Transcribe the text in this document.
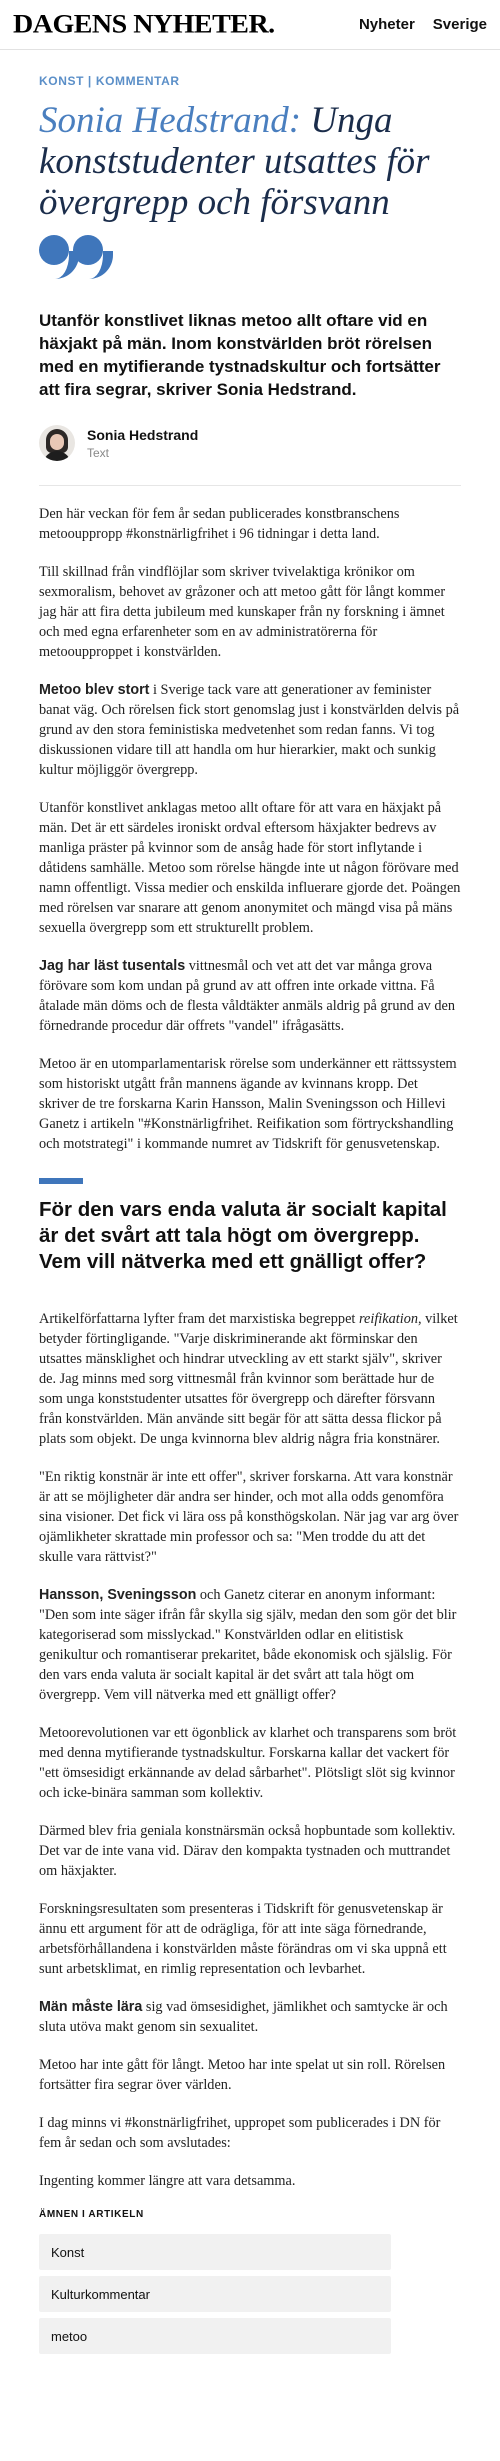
DAGENS NYHETER.	Nyheter Sverige
KONST | KOMMENTAR
Sonia Hedstrand: Unga konststudenter utsattes för övergrepp och försvann

Utanför konstlivet liknas metoo allt oftare vid en häxjakt på män. Inom konstvärlden bröt rörelsen med en mytifierande tystnadskultur och fortsätter att fira segrar, skriver Sonia Hedstrand.

Sonia Hedstrand
Text

Den här veckan för fem år sedan publicerades konstbranschens metoouppropp #konstnärligfrihet i 96 tidningar i detta land.

Till skillnad från vindflöjlar som skriver tvivelaktiga krönikor om sexmoralism, behovet av gråzoner och att metoo gått för långt kommer jag här att fira detta jubileum med kunskaper från ny forskning i ämnet och med egna erfarenheter som en av administratörerna för metooupproppet i konstvärlden.

Metoo blev stort i Sverige tack vare att generationer av feminister banat väg. Och rörelsen fick stort genomslag just i konstvärlden delvis på grund av den stora feministiska medvetenhet som redan fanns. Vi tog diskussionen vidare till att handla om hur hierarkier, makt och sunkig kultur möjliggör övergrepp.

Utanför konstlivet anklagas metoo allt oftare för att vara en häxjakt på män. Det är ett särdeles ironiskt ordval eftersom häxjakter bedrevs av manliga präster på kvinnor som de ansåg hade för stort inflytande i dåtidens samhälle. Metoo som rörelse hängde inte ut någon förövare med namn offentligt. Vissa medier och enskilda influerare gjorde det. Poängen med rörelsen var snarare att genom anonymitet och mängd visa på mäns sexuella övergrepp som ett strukturellt problem.

Jag har läst tusentals vittnesmål och vet att det var många grova förövare som kom undan på grund av att offren inte orkade vittna. Få åtalade män döms och de flesta våldtäkter anmäls aldrig på grund av den förnedrande procedur där offrets "vandel" ifrågasätts.

Metoo är en utomparlamentarisk rörelse som underkänner ett rättssystem som historiskt utgått från mannens ägande av kvinnans kropp. Det skriver de tre forskarna Karin Hansson, Malin Sveningsson och Hillevi Ganetz i artikeln "#Konstnärligfrihet. Reifikation som förtryckshandling och motstrategi" i kommande numret av Tidskrift för genusvetenskap.

För den vars enda valuta är socialt kapital är det svårt att tala högt om övergrepp. Vem vill nätverka med ett gnälligt offer?

Artikelförfattarna lyfter fram det marxistiska begreppet reifikation, vilket betyder förtingligande. "Varje diskriminerande akt förminskar den utsattes mänsklighet och hindrar utveckling av ett starkt själv", skriver de. Jag minns med sorg vittnesmål från kvinnor som berättade hur de som unga konststudenter utsattes för övergrepp och därefter försvann från konstvärlden. Män använde sitt begär för att sätta dessa flickor på plats som objekt. De unga kvinnorna blev aldrig några fria konstnärer.

"En riktig konstnär är inte ett offer", skriver forskarna. Att vara konstnär är att se möjligheter där andra ser hinder, och mot alla odds genomföra sina visioner. Det fick vi lära oss på konsthögskolan. När jag var arg över ojämlikheter skrattade min professor och sa: "Men trodde du att det skulle vara rättvist?"

Hansson, Sveningsson och Ganetz citerar en anonym informant: "Den som inte säger ifrån får skylla sig själv, medan den som gör det blir kategoriserad som misslyckad." Konstvärlden odlar en elitistisk genikultur och romantiserar prekaritet, både ekonomisk och själslig. För den vars enda valuta är socialt kapital är det svårt att tala högt om övergrepp. Vem vill nätverka med ett gnälligt offer?

Metoorevolutionen var ett ögonblick av klarhet och transparens som bröt med denna mytifierande tystnadskultur. Forskarna kallar det vackert för "ett ömsesidigt erkännande av delad sårbarhet". Plötsligt slöt sig kvinnor och icke-binära samman som kollektiv.

Därmed blev fria geniala konstnärsmän också hopbuntade som kollektiv. Det var de inte vana vid. Därav den kompakta tystnaden och muttrandet om häxjakter.

Forskningsresultaten som presenteras i Tidskrift för genusvetenskap är ännu ett argument för att de odrägliga, för att inte säga förnedrande, arbetsförhållandena i konstvärlden måste förändras om vi ska uppnå ett sunt arbetsklimat, en rimlig representation och levbarhet.

Män måste lära sig vad ömsesidighet, jämlikhet och samtycke är och sluta utöva makt genom sin sexualitet.

Metoo har inte gått för långt. Metoo har inte spelat ut sin roll. Rörelsen fortsätter fira segrar över världen.

I dag minns vi #konstnärligfrihet, uppropet som publicerades i DN för fem år sedan och som avslutades:

Ingenting kommer längre att vara detsamma.

ÄMNEN I ARTIKELN
Konst
Kulturkommentar
metoo
